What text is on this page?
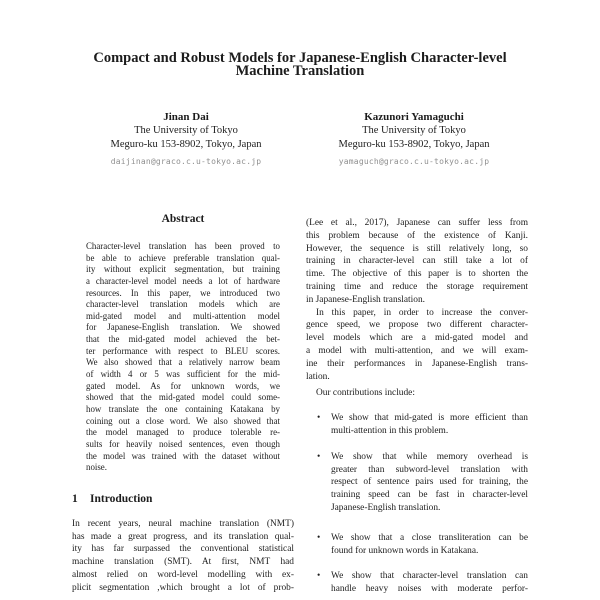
Compact and Robust Models for Japanese-English Character-level
Machine Translation
Jinan Dai
The University of Tokyo
Meguro-ku 153-8902, Tokyo, Japan
daijinan@graco.c.u-tokyo.ac.jp
Kazunori Yamaguchi
The University of Tokyo
Meguro-ku 153-8902, Tokyo, Japan
yamaguch@graco.c.u-tokyo.ac.jp
Abstract
Character-level translation has been proved to
be able to achieve preferable translation qual-
ity without explicit segmentation, but training
a character-level model needs a lot of hardware
resources. In this paper, we introduced two
character-level translation models which are
mid-gated model and multi-attention model
for Japanese-English translation. We showed
that the mid-gated model achieved the bet-
ter performance with respect to BLEU scores.
We also showed that a relatively narrow beam
of width 4 or 5 was sufficient for the mid-
gated model. As for unknown words, we
showed that the mid-gated model could some-
how translate the one containing Katakana by
coining out a close word. We also showed that
the model managed to produce tolerable re-
sults for heavily noised sentences, even though
the model was trained with the dataset without
noise.
1 Introduction
In recent years, neural machine translation (NMT)
has made a great progress, and its translation qual-
ity has far surpassed the conventional statistical
machine translation (SMT). At first, NMT had
almost relied on word-level modelling with ex-
plicit segmentation ,which brought a lot of prob-
(Lee et al., 2017), Japanese can suffer less from
this problem because of the existence of Kanji.
However, the sequence is still relatively long, so
training in character-level can still take a lot of
time. The objective of this paper is to shorten the
training time and reduce the storage requirement
in Japanese-English translation.
In this paper, in order to increase the conver-
gence speed, we propose two different character-
level models which are a mid-gated model and
a model with multi-attention, and we will exam-
ine their performances in Japanese-English trans-
lation.
Our contributions include:
• We show that mid-gated is more efficient than
multi-attention in this problem.
• We show that while memory overhead is
greater than subword-level translation with
respect of sentence pairs used for training, the
training speed can be fast in character-level
Japanese-English translation.
• We show that a close transliteration can be
found for unknown words in Katakana.
• We show that character-level translation can
handle heavy noises with moderate perfor-
